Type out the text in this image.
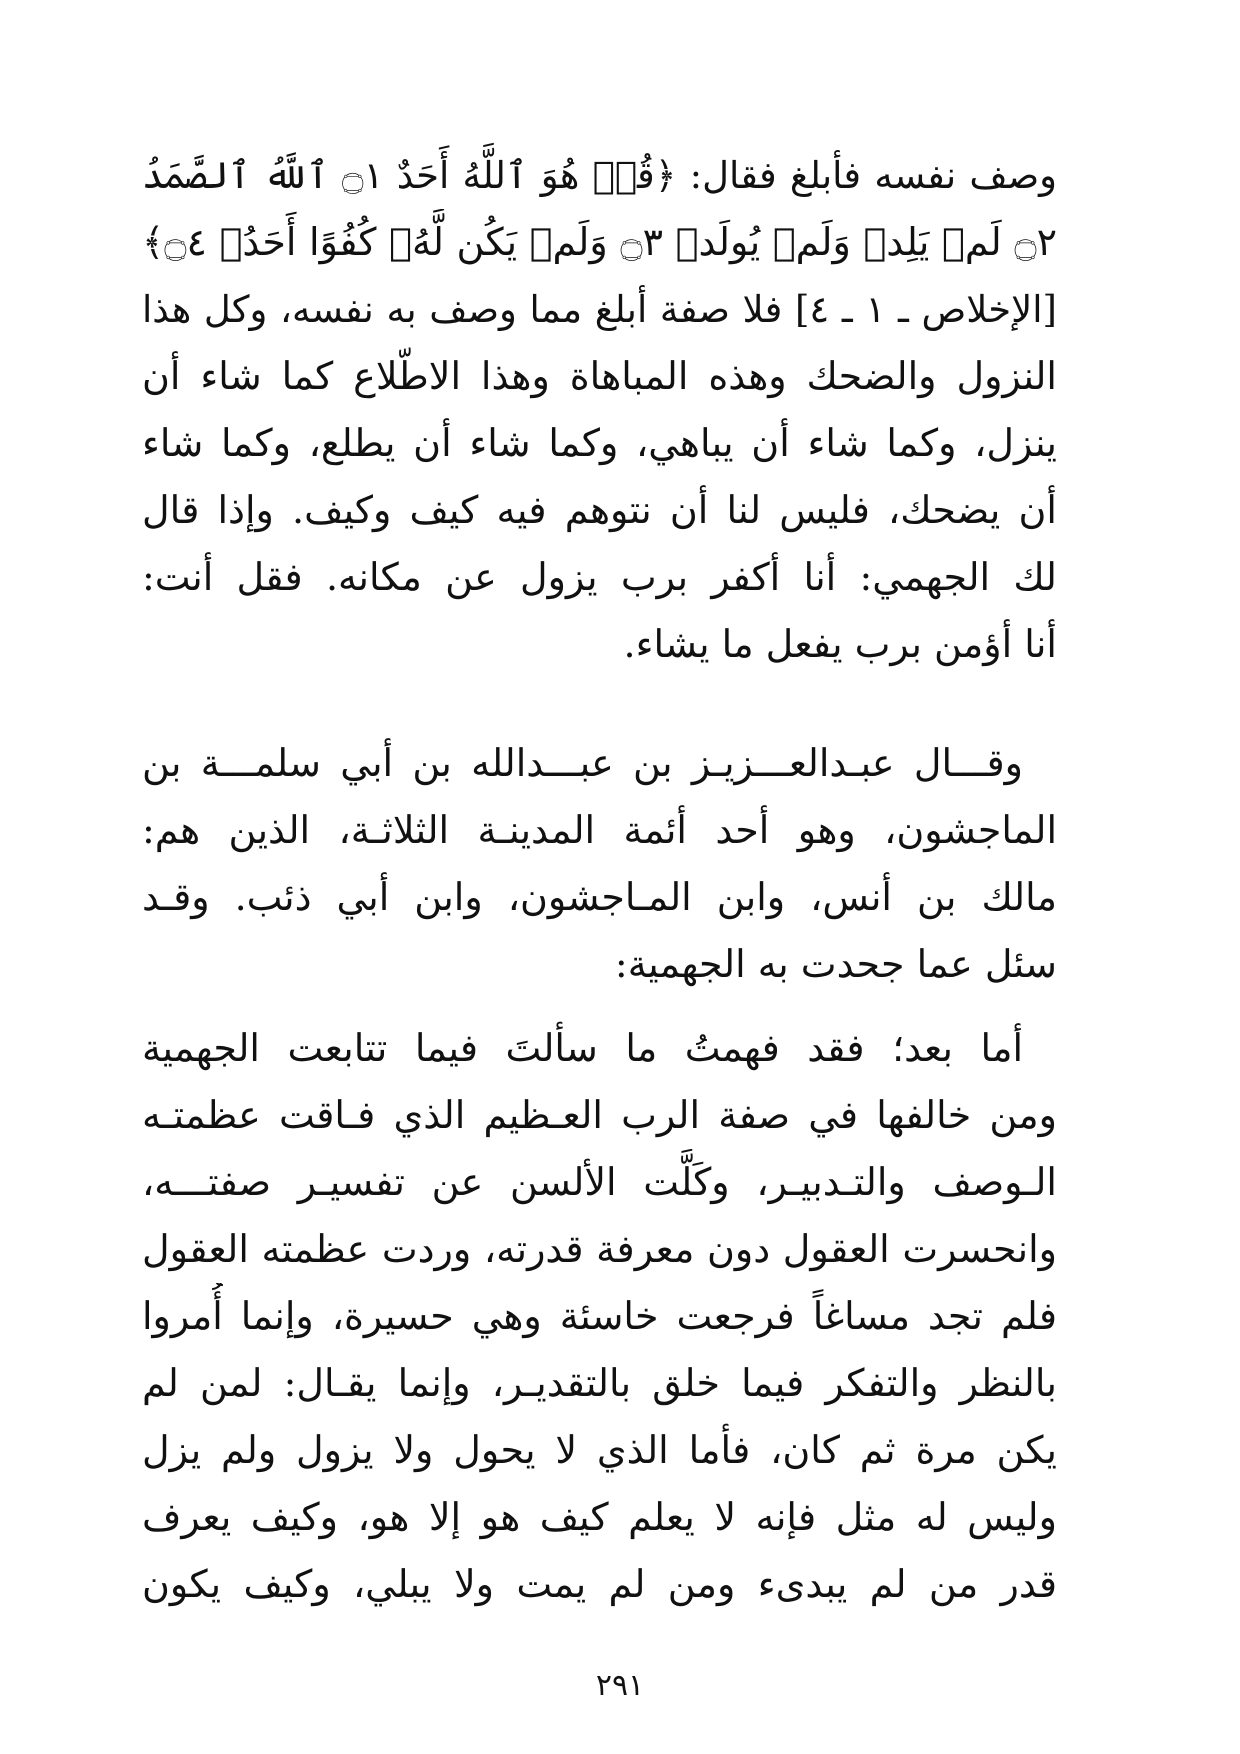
وصف نفسه فأبلغ فقال: ﴿قُلۡ هُوَ ٱللَّهُ أَحَدٌ ۝١ ٱللَّهُ ٱلصَّمَدُ
۝٢ لَمۡ يَلِدۡ وَلَمۡ يُولَدۡ ۝٣ وَلَمۡ يَكُن لَّهُۥ كُفُوًا أَحَدُۢ ۝٤﴾
[الإخلاص ـ ١ ـ ٤] فلا صفة أبلغ مما وصف به نفسه، وكل هذا
النزول والضحك وهذه المباهاة وهذا الاطّلاع كما شاء أن
ينزل، وكما شاء أن يباهي، وكما شاء أن يطلع، وكما شاء
أن يضحك، فليس لنا أن نتوهم فيه كيف وكيف. وإذا قال
لك الجهمي: أنا أكفر برب يزول عن مكانه. فقل أنت:
أنا أؤمن برب يفعل ما يشاء.
وقـــال عبـدالعـــزيـز بن عبـــدالله بن أبي سلمـــة بن
الماجشون، وهو أحد أئمة المدينـة الثلاثـة، الذين هم:
مالك بن أنس، وابن المـاجشون، وابن أبي ذئب. وقـد
سئل عما جحدت به الجهمية:
أما بعد؛ فقد فهمتُ ما سألتَ فيما تتابعت الجهمية
ومن خالفها في صفة الرب العـظيم الذي فـاقت عظمتـه
الـوصف والتـدبيـر، وكَلَّت الألسن عن تفسيـر صفتـــه،
وانحسرت العقول دون معرفة قدرته، وردت عظمته العقول
فلم تجد مساغاً فرجعت خاسئة وهي حسيرة، وإنما أُمروا
بالنظر والتفكر فيما خلق بالتقديـر، وإنما يقـال: لمن لم
يكن مرة ثم كان، فأما الذي لا يحول ولا يزول ولم يزل
وليس له مثل فإنه لا يعلم كيف هو إلا هو، وكيف يعرف
قدر من لم يبدىء ومن لم يمت ولا يبلي، وكيف يكون
٢٩١
